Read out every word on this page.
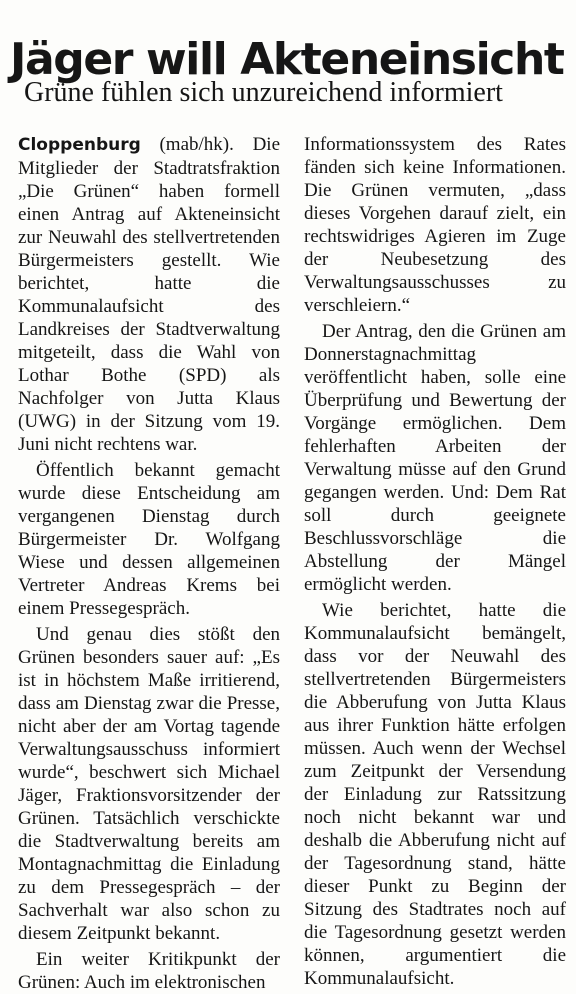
Jäger will Akteneinsicht
Grüne fühlen sich unzureichend informiert

Cloppenburg (mab/hk). Die Mitglieder der Stadtratsfraktion „Die Grünen“ haben formell einen Antrag auf Akteneinsicht zur Neuwahl des stellvertretenden Bürgermeisters gestellt. Wie berichtet, hatte die Kommunalaufsicht des Landkreises der Stadtverwaltung mitgeteilt, dass die Wahl von Lothar Bothe (SPD) als Nachfolger von Jutta Klaus (UWG) in der Sitzung vom 19. Juni nicht rechtens war.

Öffentlich bekannt gemacht wurde diese Entscheidung am vergangenen Dienstag durch Bürgermeister Dr. Wolfgang Wiese und dessen allgemeinen Vertreter Andreas Krems bei einem Pressegespräch.

Und genau dies stößt den Grünen besonders sauer auf: „Es ist in höchstem Maße irritierend, dass am Dienstag zwar die Presse, nicht aber der am Vortag tagende Verwaltungsausschuss informiert wurde“, beschwert sich Michael Jäger, Fraktionsvorsitzender der Grünen. Tatsächlich verschickte die Stadtverwaltung bereits am Montagnachmittag die Einladung zu dem Pressegespräch – der Sachverhalt war also schon zu diesem Zeitpunkt bekannt.

Ein weiter Kritikpunkt der Grünen: Auch im elektronischen

Informationssystem des Rates fänden sich keine Informationen. Die Grünen vermuten, „dass dieses Vorgehen darauf zielt, ein rechtswidriges Agieren im Zuge der Neubesetzung des Verwaltungsausschusses zu verschleiern.“

Der Antrag, den die Grünen am Donnerstagnachmittag veröffentlicht haben, solle eine Überprüfung und Bewertung der Vorgänge ermöglichen. Dem fehlerhaften Arbeiten der Verwaltung müsse auf den Grund gegangen werden. Und: Dem Rat soll durch geeignete Beschlussvorschläge die Abstellung der Mängel ermöglicht werden.

Wie berichtet, hatte die Kommunalaufsicht bemängelt, dass vor der Neuwahl des stellvertretenden Bürgermeisters die Abberufung von Jutta Klaus aus ihrer Funktion hätte erfolgen müssen. Auch wenn der Wechsel zum Zeitpunkt der Versendung der Einladung zur Ratssitzung noch nicht bekannt war und deshalb die Abberufung nicht auf der Tagesordnung stand, hätte dieser Punkt zu Beginn der Sitzung des Stadtrates noch auf die Tagesordnung gesetzt werden können, argumentiert die Kommunalaufsicht.
